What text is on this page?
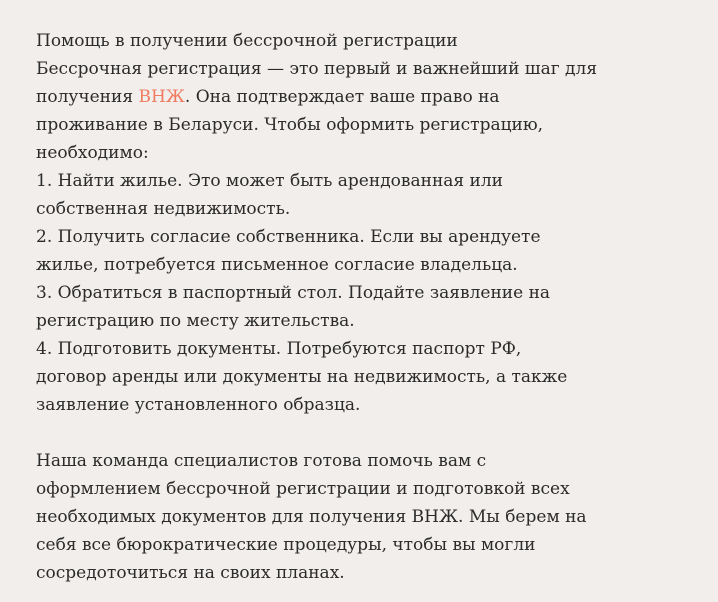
Помощь в получении бессрочной регистрации
Бессрочная регистрация — это первый и важнейший шаг для
получения ВНЖ. Она подтверждает ваше право на
проживание в Беларуси. Чтобы оформить регистрацию,
необходимо:
1. Найти жилье. Это может быть арендованная или
собственная недвижимость.
2. Получить согласие собственника. Если вы арендуете
жилье, потребуется письменное согласие владельца.
3. Обратиться в паспортный стол. Подайте заявление на
регистрацию по месту жительства.
4. Подготовить документы. Потребуются паспорт РФ,
договор аренды или документы на недвижимость, а также
заявление установленного образца.
Наша команда специалистов готова помочь вам с
оформлением бессрочной регистрации и подготовкой всех
необходимых документов для получения ВНЖ. Мы берем на
себя все бюрократические процедуры, чтобы вы могли
сосредоточиться на своих планах.
